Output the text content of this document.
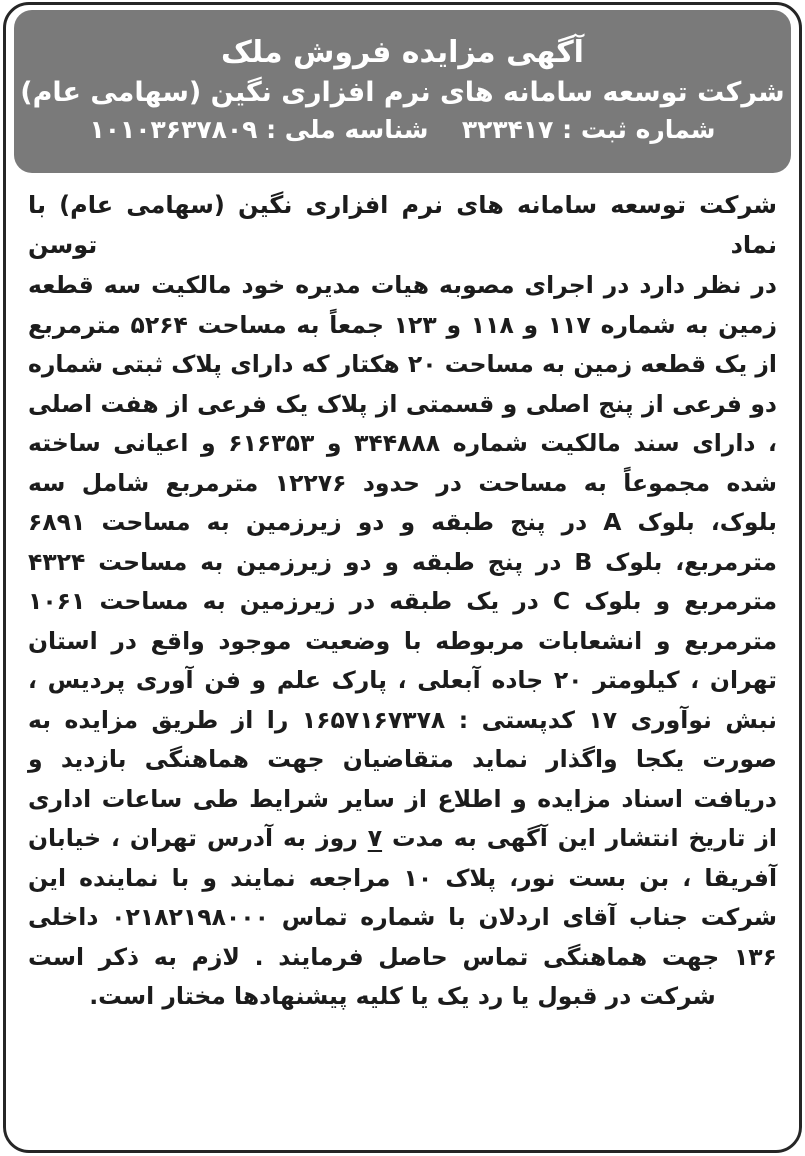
آگهی مزایده فروش ملک
شرکت توسعه سامانه های نرم افزاری نگین (سهامی عام)
شماره ثبت : ۳۲۳۴۱۷  شناسه ملی : ۱۰۱۰۳۶۳۷۸۰۹

شرکت توسعه سامانه های نرم افزاری نگین (سهامی عام) با نماد توسن

در نظر دارد در اجرای مصوبه هیات مدیره خود مالکیت سه قطعه زمین به شماره ۱۱۷ و ۱۱۸ و ۱۲۳ جمعاً به مساحت ۵۲۶۴ مترمربع از یک قطعه زمین به مساحت ۲۰ هکتار که دارای پلاک ثبتی شماره دو فرعی از پنج اصلی و قسمتی از پلاک یک فرعی از هفت اصلی ، دارای سند مالکیت شماره ۳۴۴۸۸۸ و ۶۱۶۳۵۳ و اعیانی ساخته شده مجموعاً به مساحت در حدود ۱۲۲۷۶ مترمربع شامل سه بلوک، بلوک A در پنج طبقه و دو زیرزمین به مساحت ۶۸۹۱ مترمربع، بلوک B در پنج طبقه و دو زیرزمین به مساحت ۴۳۲۴ مترمربع و بلوک C در یک طبقه در زیرزمین به مساحت ۱۰۶۱ مترمربع و انشعابات مربوطه با وضعیت موجود واقع در استان تهران ، کیلومتر ۲۰ جاده آبعلی ، پارک علم و فن آوری پردیس ، نبش نوآوری ۱۷ کدپستی : ۱۶۵۷۱۶۷۳۷۸ را از طریق مزایده به صورت یکجا واگذار نماید متقاضیان جهت هماهنگی بازدید و دریافت اسناد مزایده و اطلاع از سایر شرایط طی ساعات اداری از تاریخ انتشار این آگهی به مدت ۷ روز به آدرس تهران ، خیابان آفریقا ، بن بست نور، پلاک ۱۰ مراجعه نمایند و با نماینده این شرکت جناب آقای اردلان با شماره تماس ۰۲۱۸۲۱۹۸۰۰۰ داخلی ۱۳۶ جهت هماهنگی تماس حاصل فرمایند . لازم به ذکر است شرکت در قبول یا رد یک یا کلیه پیشنهادها مختار است.
